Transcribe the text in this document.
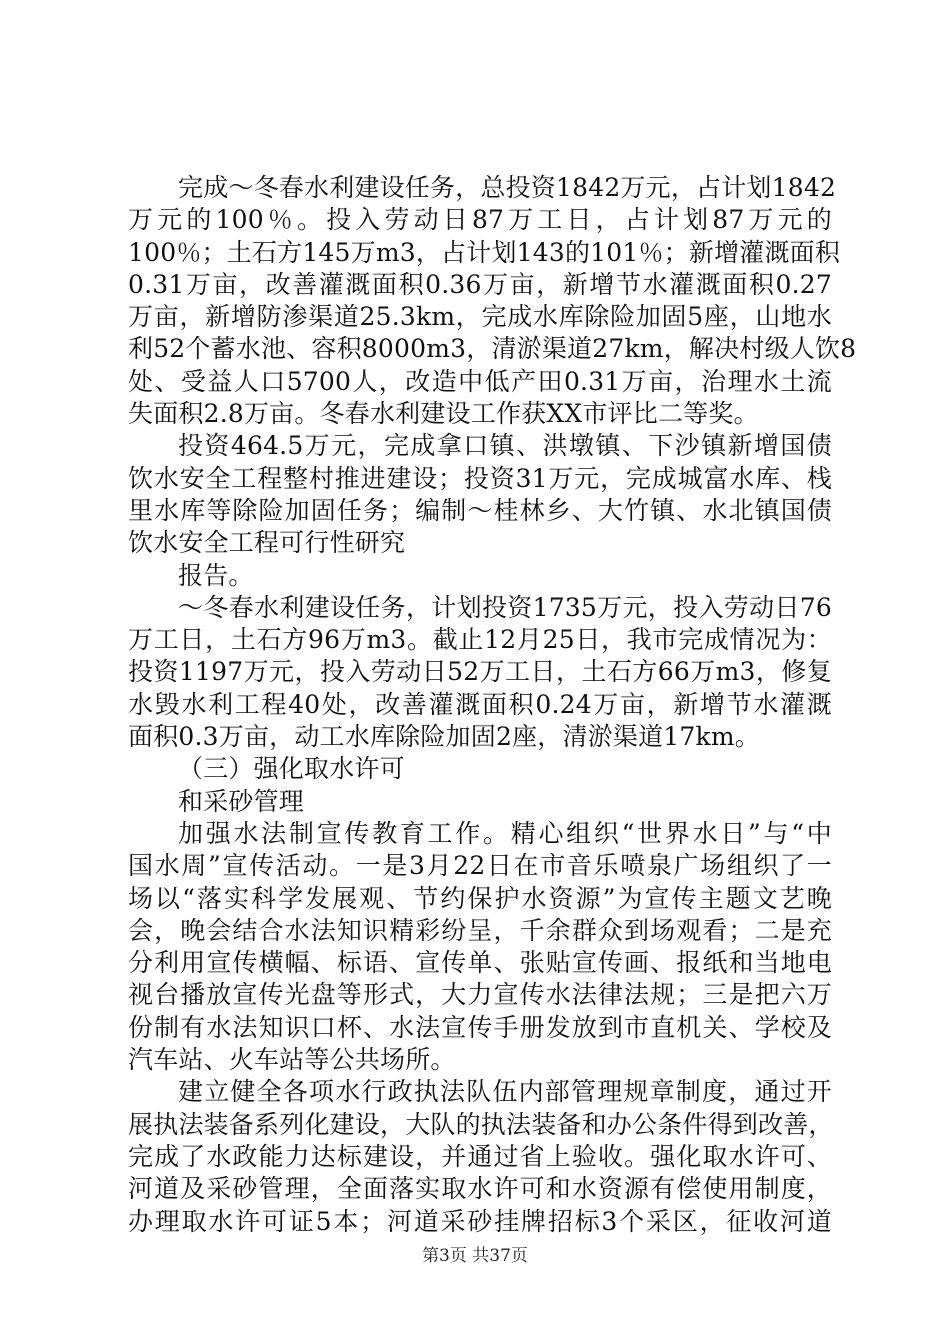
完成～冬春水利建设任务，总投资1842万元，占计划1842
万元的100％。投入劳动日87万工日，占计划87万元的
100％；土石方145万m3，占计划143的101％；新增灌溉面积
0.31万亩，改善灌溉面积0.36万亩，新增节水灌溉面积0.27
万亩，新增防渗渠道25.3km，完成水库除险加固5座，山地水
利52个蓄水池、容积8000m3，清淤渠道27km，解决村级人饮8
处、受益人口5700人，改造中低产田0.31万亩，治理水土流
失面积2.8万亩。冬春水利建设工作获XX市评比二等奖。
投资464.5万元，完成拿口镇、洪墩镇、下沙镇新增国债
饮水安全工程整村推进建设；投资31万元，完成城富水库、栈
里水库等除险加固任务；编制～桂林乡、大竹镇、水北镇国债
饮水安全工程可行性研究
报告。
～冬春水利建设任务，计划投资1735万元，投入劳动日76
万工日，土石方96万m3。截止12月25日，我市完成情况为：
投资1197万元，投入劳动日52万工日，土石方66万m3，修复
水毁水利工程40处，改善灌溉面积0.24万亩，新增节水灌溉
面积0.3万亩，动工水库除险加固2座，清淤渠道17km。
（三）强化取水许可
和采砂管理
加强水法制宣传教育工作。精心组织“世界水日”与“中
国水周”宣传活动。一是3月22日在市音乐喷泉广场组织了一
场以“落实科学发展观、节约保护水资源”为宣传主题文艺晚
会，晚会结合水法知识精彩纷呈，千余群众到场观看；二是充
分利用宣传横幅、标语、宣传单、张贴宣传画、报纸和当地电
视台播放宣传光盘等形式，大力宣传水法律法规；三是把六万
份制有水法知识口杯、水法宣传手册发放到市直机关、学校及
汽车站、火车站等公共场所。
建立健全各项水行政执法队伍内部管理规章制度，通过开
展执法装备系列化建设，大队的执法装备和办公条件得到改善，
完成了水政能力达标建设，并通过省上验收。强化取水许可、
河道及采砂管理，全面落实取水许可和水资源有偿使用制度，
办理取水许可证5本；河道采砂挂牌招标3个采区，征收河道
第3页 共37页
